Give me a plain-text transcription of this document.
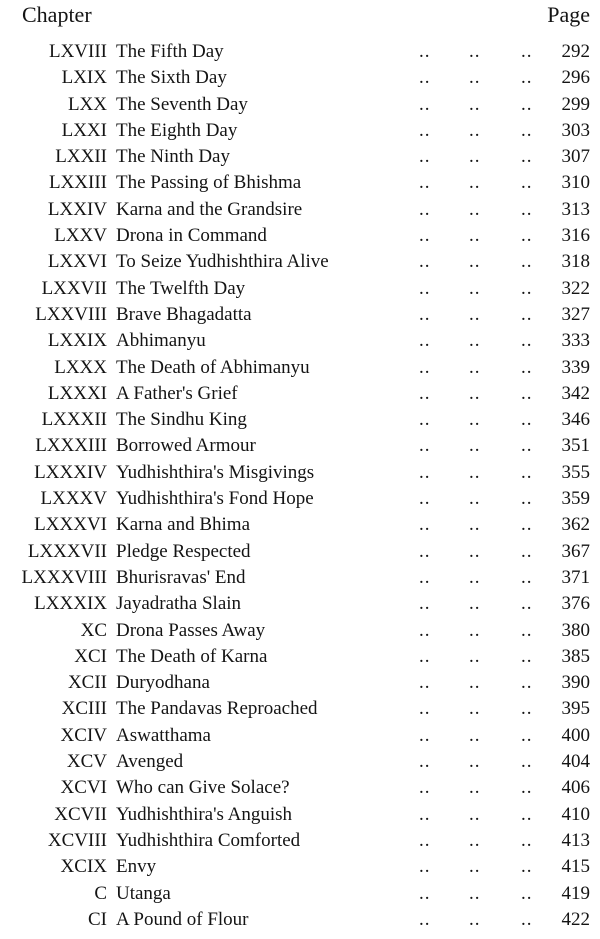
Chapter	Page
LXVIII The Fifth Day	.. .. .. 292
LXIX The Sixth Day	.. .. .. 296
LXX The Seventh Day	.. .. .. 299
LXXI The Eighth Day	.. .. .. 303
LXXII The Ninth Day	.. .. .. 307
LXXIII The Passing of Bhishma	.. .. .. 310
LXXIV Karna and the Grandsire	.. .. .. 313
LXXV Drona in Command	.. .. .. 316
LXXVI To Seize Yudhishthira Alive	.. .. .. 318
LXXVII The Twelfth Day	.. .. .. 322
LXXVIII Brave Bhagadatta	.. .. .. 327
LXXIX Abhimanyu	.. .. .. 333
LXXX The Death of Abhimanyu	.. .. .. 339
LXXXI A Father's Grief	.. .. .. 342
LXXXII The Sindhu King	.. .. .. 346
LXXXIII Borrowed Armour	.. .. .. 351
LXXXIV Yudhishthira's Misgivings	.. .. .. 355
LXXXV Yudhishthira's Fond Hope	.. .. .. 359
LXXXVI Karna and Bhima	.. .. .. 362
LXXXVII Pledge Respected	.. .. .. 367
LXXXVIII Bhurisravas' End	.. .. .. 371
LXXXIX Jayadratha Slain	.. .. .. 376
XC Drona Passes Away	.. .. .. 380
XCI The Death of Karna	.. .. .. 385
XCII Duryodhana	.. .. .. 390
XCIII The Pandavas Reproached	.. .. .. 395
XCIV Aswatthama	.. .. .. 400
XCV Avenged	.. .. .. 404
XCVI Who can Give Solace?	.. .. .. 406
XCVII Yudhishthira's Anguish	.. .. .. 410
XCVIII Yudhishthira Comforted	.. .. .. 413
XCIX Envy	.. .. .. 415
C Utanga	.. .. .. 419
CI A Pound of Flour	.. .. .. 422
